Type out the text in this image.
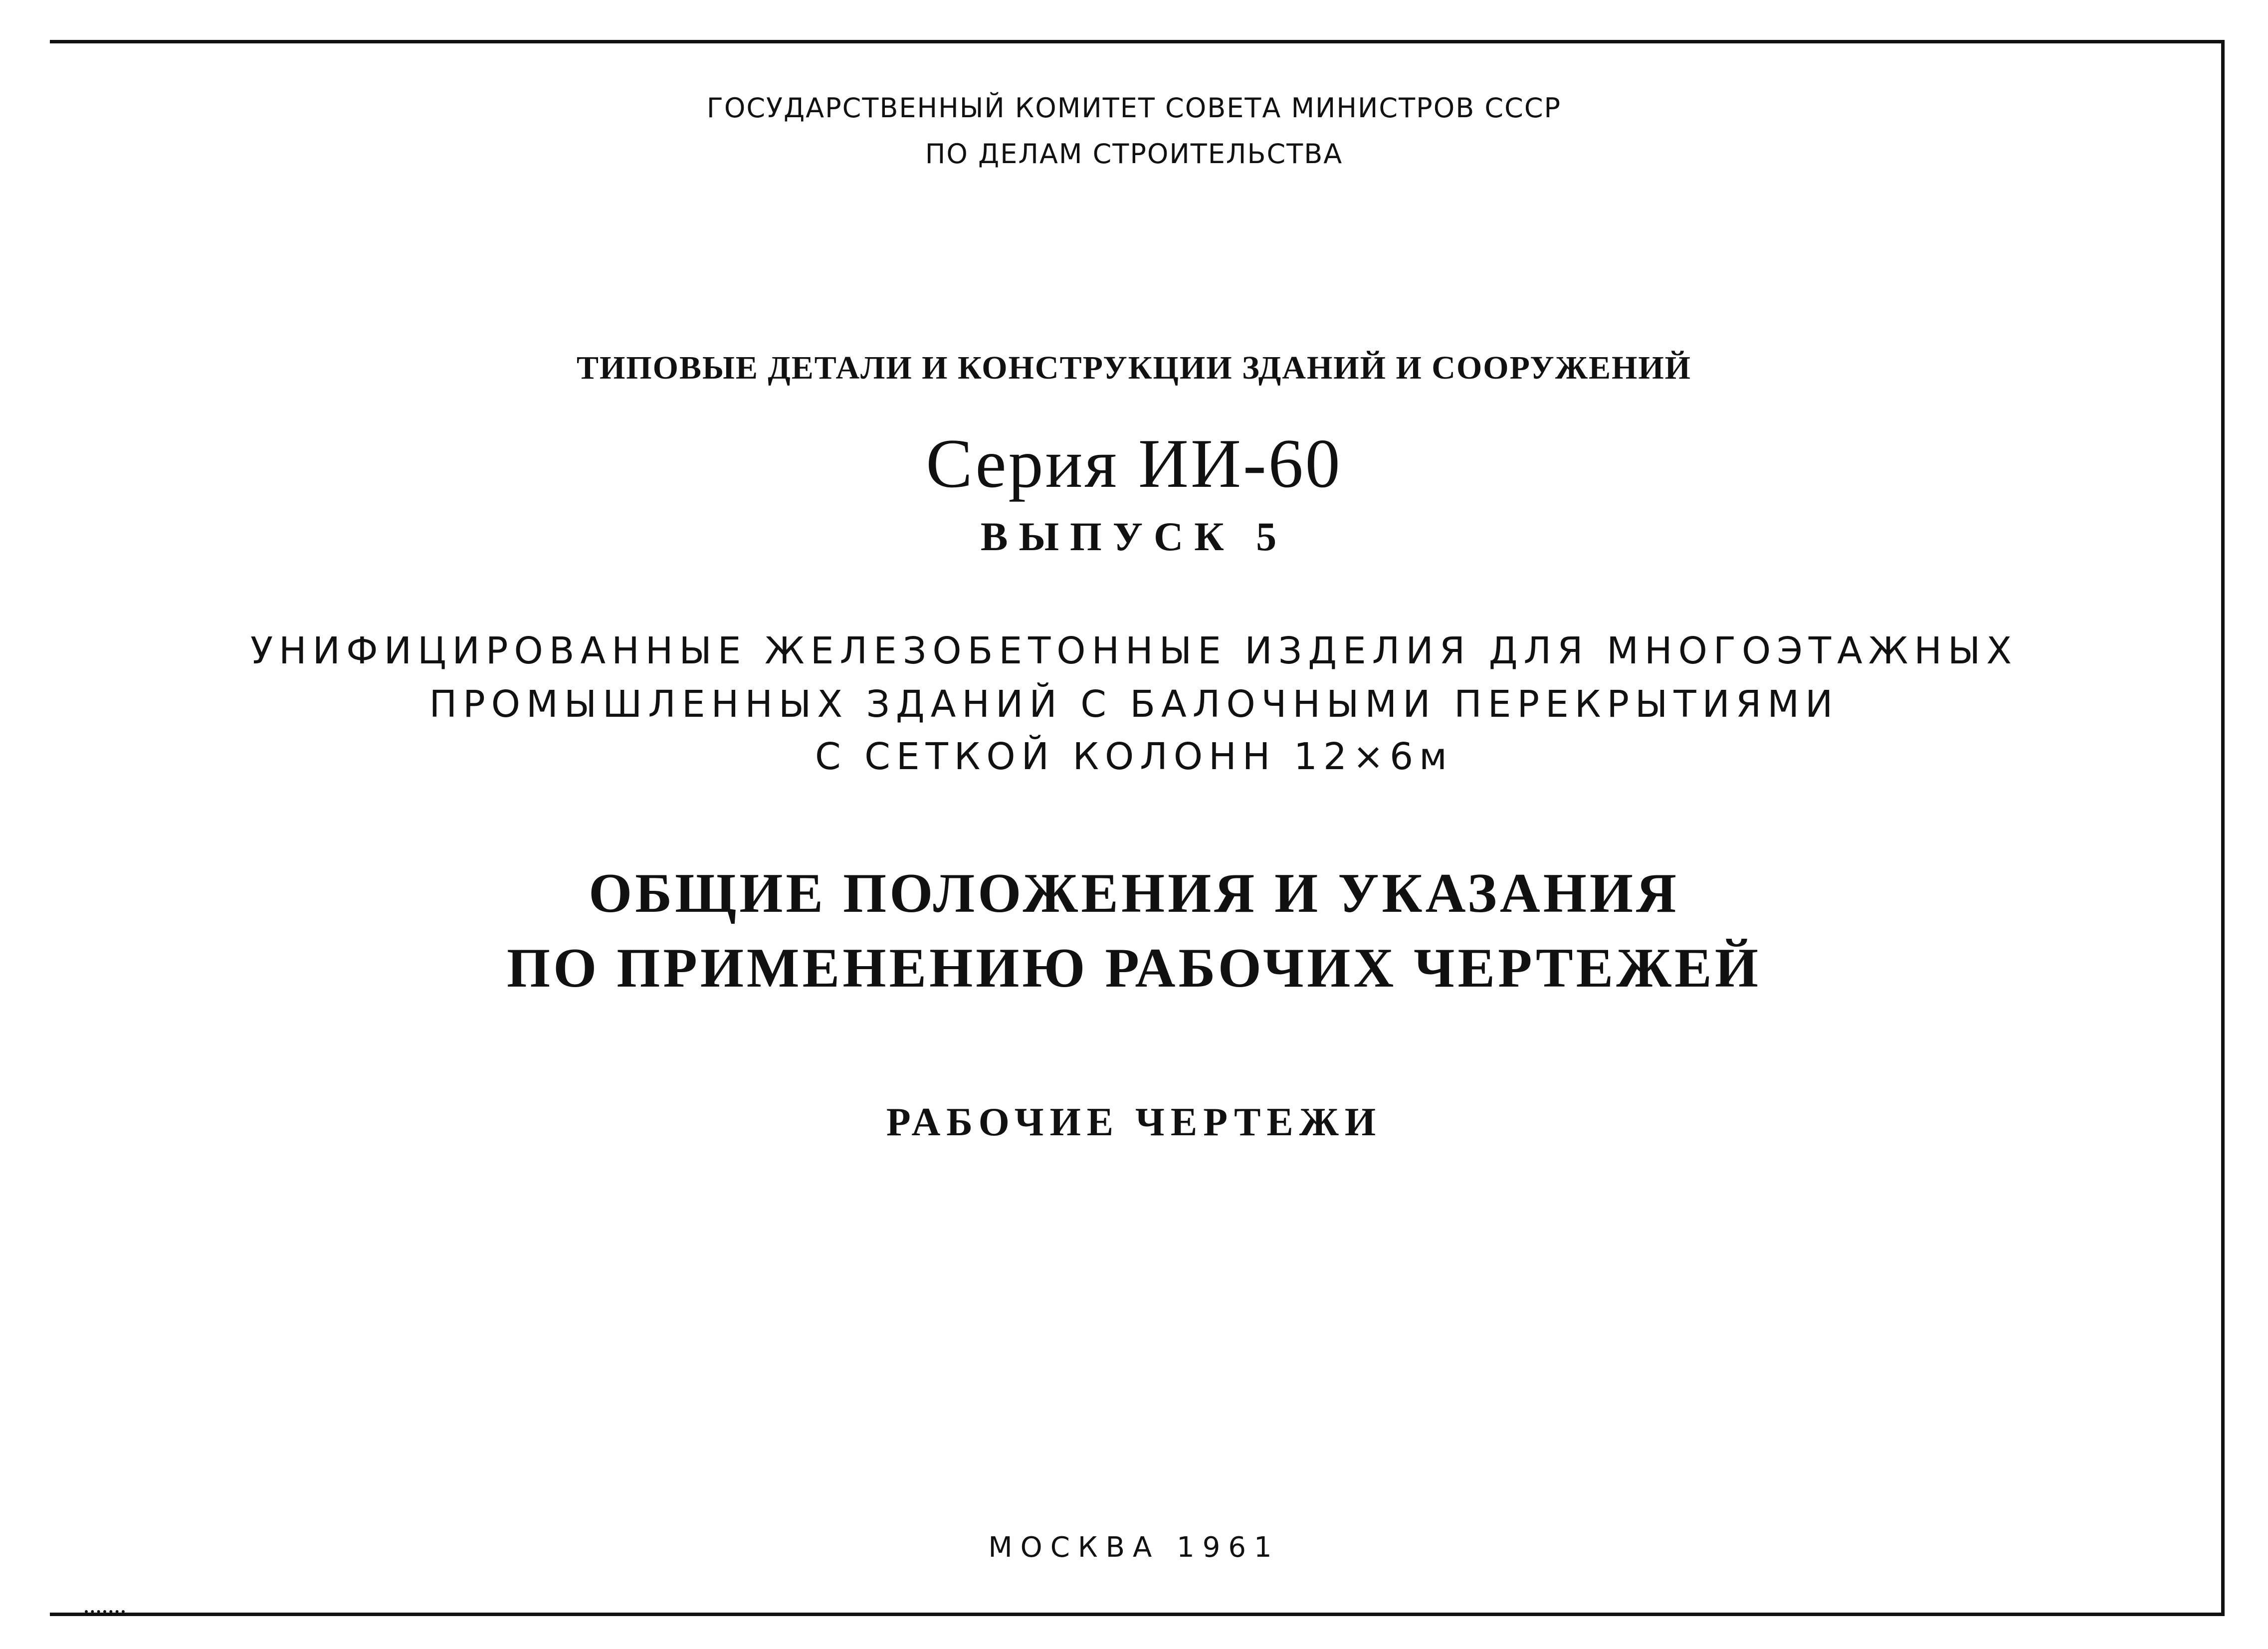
ГОСУДАРСТВЕННЫЙ КОМИТЕТ СОВЕТА МИНИСТРОВ СССР
ПО ДЕЛАМ СТРОИТЕЛЬСТВА
ТИПОВЫЕ ДЕТАЛИ И КОНСТРУКЦИИ ЗДАНИЙ И СООРУЖЕНИЙ
Серия ИИ-60
ВЫПУСК 5
УНИФИЦИРОВАННЫЕ ЖЕЛЕЗОБЕТОННЫЕ ИЗДЕЛИЯ ДЛЯ МНОГОЭТАЖНЫХ
ПРОМЫШЛЕННЫХ ЗДАНИЙ С БАЛОЧНЫМИ ПЕРЕКРЫТИЯМИ
С СЕТКОЙ КОЛОНН 12×6м
ОБЩИЕ ПОЛОЖЕНИЯ И УКАЗАНИЯ
ПО ПРИМЕНЕНИЮ РАБОЧИХ ЧЕРТЕЖЕЙ
РАБОЧИЕ ЧЕРТЕЖИ
МОСКВА 1961
